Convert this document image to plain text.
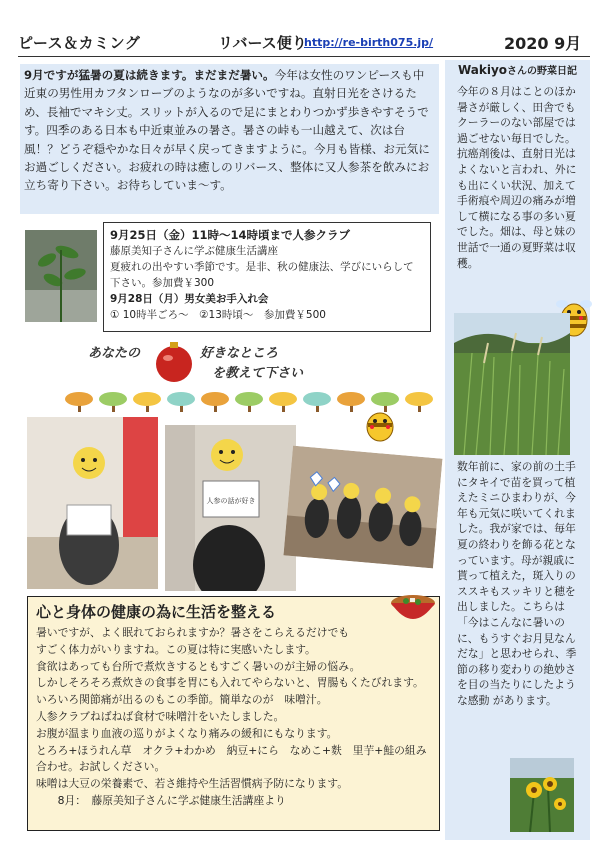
ピース＆カミング	リバース便り
http://re-birth075.jp/	2020 9月
9月ですが猛暑の夏は続きます。まだまだ暑い。今年は女性のワンピースも中近東の男性用カフタンローブのようなのが多いですね。直射日光をさけるため、長袖でマキシ丈。スリットが入るので足にまとわりつかず歩きやすそうです。四季のある日本も中近東並みの暑さ。暑さの峠も一山越えて、次は台風！？どうぞ穏やかな日々が早く戻ってきますように。今月も皆様、お元気にお過ごしください。お疲れの時は癒しのリバース、整体に又人参茶を飲みにお立ち寄り下さい。お待ちしていま～す。
Wakiyoさんの野菜日記
今年の８月はことのほか暑さが厳しく、田舎でもクーラーのない部屋では過ごせない毎日でした。抗癌剤後は、直射日光はよくないと言われ、外にも出にくい状況、加えて手術痕や周辺の痛みが増して横になる事の多い夏でした。畑は、母と妹の世話で一通の夏野菜は収穫。
数年前に、家の前の土手にタキイで苗を買って植えたミニひまわりが、今年も元気に咲いてくれました。我が家では、毎年夏の終わりを飾る花となっています。母が親戚に貰って植えた，斑入りのススキもスッキリと穂を出しました。こちらは「今はこんなに暑いのに、もうすぐお月見なんだな」と思わせられ、季節の移り変わりの絶妙さを目の当たりにしたような感動 があります。
9月25日（金）11時～14時頃まで人参クラブ
藤原美知子さんに学ぶ健康生活講座
夏疲れの出やすい季節です。是非、秋の健康法、学びにいらして下さい。参加費￥300
9月28日（月）男女美お手入れ会
① 10時半ごろ～　②13時頃～　参加費￥500
あなたの	好きなところ
を教えて下さい
人参の話が好き
心と身体の健康の為に生活を整える
暑いですが、よく眠れておられますか？暑さをこらえるだけでも
すごく体力がいりますね。この夏は特に実感いたします。
食欲はあっても台所で煮炊きするともすごく暑いのが主婦の悩み。
しかしそろそろ煮炊きの食事を胃にも入れてやらないと、胃腸もくたびれます。いろいろ関節痛が出るのもこの季節。簡単なのが　味噌汁。
人参クラブねばねば食材で味噌汁をいたしました。
お腹が温まり血液の巡りがよくなり痛みの緩和にもなります。
とろろ+ほうれん草　オクラ+わかめ　納豆+にら　なめこ+麩　里芋+鮭の組み合わせ。お試しください。
味噌は大豆の栄養素で、若さ維持や生活習慣病予防になります。
　　8月：　藤原美知子さんに学ぶ健康生活講座より
